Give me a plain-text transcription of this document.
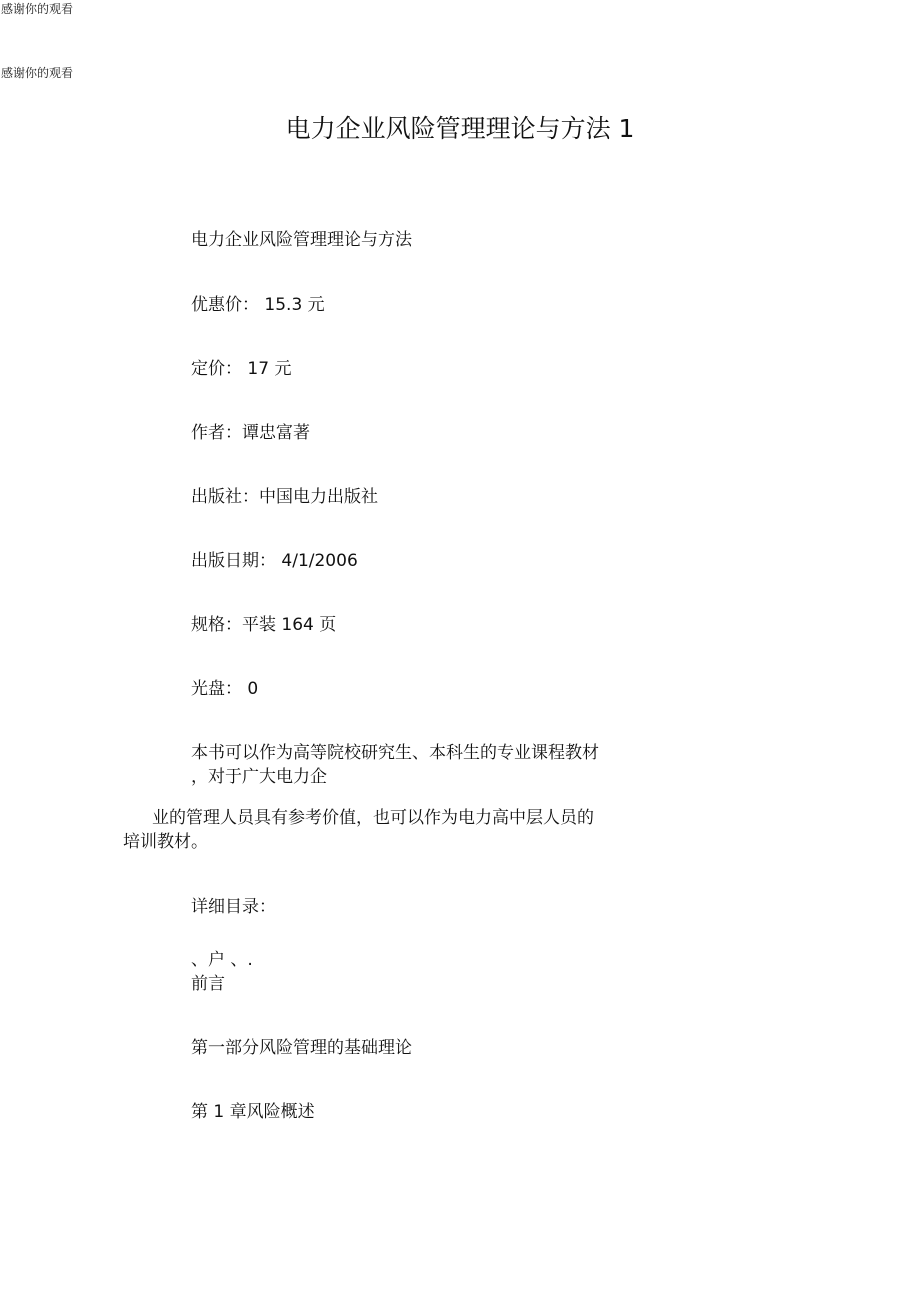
感谢你的观看
感谢你的观看
电力企业风险管理理论与方法 1
电力企业风险管理理论与方法
优惠价： 15.3 元
定价： 17 元
作者：谭忠富著
出版社：中国电力出版社
出版日期： 4/1/2006
规格：平装 164 页
光盘： 0
本书可以作为高等院校研究生、本科生的专业课程教材
，对于广大电力企
业的管理人员具有参考价值，也可以作为电力高中层人员的
培训教材。
详细目录：
、户 、.
前言
第一部分风险管理的基础理论
第 1 章风险概述
